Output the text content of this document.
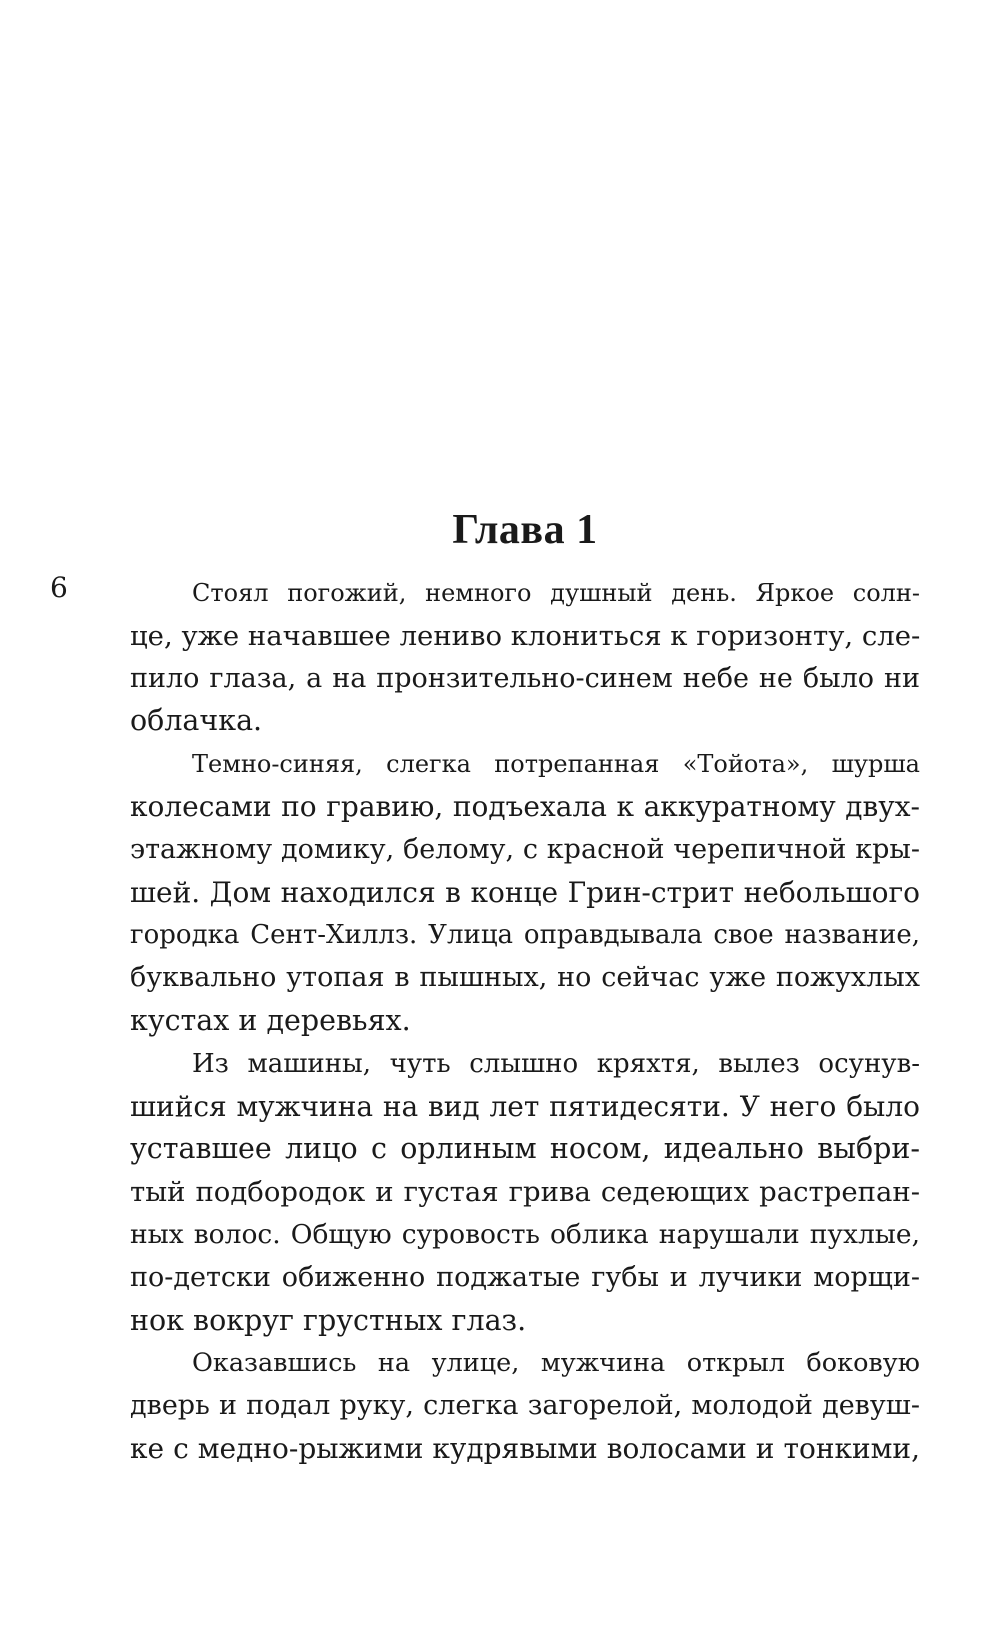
Глава 1
6	Стоял погожий, немного душный день. Яркое солн-
це, уже начавшее лениво клониться к горизонту, сле-
пило глаза, а на пронзительно-синем небе не было ни
облачка.
Темно-синяя, слегка потрепанная «Тойота», шурша
колесами по гравию, подъехала к аккуратному двух-
этажному домику, белому, с красной черепичной кры-
шей. Дом находился в конце Грин-стрит небольшого
городка Сент-Хиллз. Улица оправдывала свое название,
буквально утопая в пышных, но сейчас уже пожухлых
кустах и деревьях.
Из машины, чуть слышно кряхтя, вылез осунув-
шийся мужчина на вид лет пятидесяти. У него было
уставшее лицо с орлиным носом, идеально выбри-
тый подбородок и густая грива седеющих растрепан-
ных волос. Общую суровость облика нарушали пухлые,
по-детски обиженно поджатые губы и лучики морщи-
нок вокруг грустных глаз.
Оказавшись на улице, мужчина открыл боковую
дверь и подал руку, слегка загорелой, молодой девуш-
ке с медно-рыжими кудрявыми волосами и тонкими,
